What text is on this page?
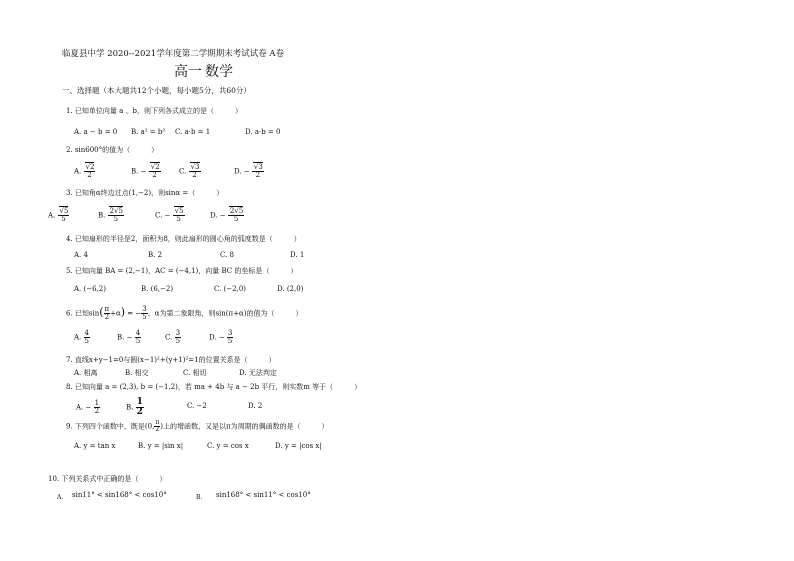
临夏县中学 2020--2021学年度第二学期期末考试试卷 A卷
高一 数学
一、选择题（本大题共12个小题，每小题5分，共60分）
1. 已知单位向量 a 、b，则下列各式成立的是（　　　）
A. a − b = 0 B. a² = b² C. a·b = 1	D. a·b = 0
2. sin600°的值为（　　　）
A. $\frac{√2}{2}$	B. − $\frac{√2}{2}$	C. $\frac{√3}{2}$	D. − $\frac{√3}{2}$
3. 已知角α终边过点(1,−2)，则sinα =（　　　）
A. $\frac{√5}{5}$	B. $\frac{2√5}{5}$	C. − $\frac{√5}{5}$	D. − $\frac{2√5}{5}$
4. 已知扇形的半径是2，面积为8，则此扇形的圆心角的弧度数是（　　　）
A. 4	B. 2	C. 8	D. 1
5. 已知向量 BA = (2,−1)，AC = (−4,1)，向量 BC 的坐标是（　　　）
A. (−6,2)	B. (6,−2)	C. (−2,0)	D. (2,0)
6. 已知$\sin( \frac{\pi}{2} +\alpha)$ = − $\frac{3}{5}$ ，α为第二象限角，则sin(π+α)的值为（　　　）
A. $\frac{4}{5}$	B. − $\frac{4}{5}$	C. $\frac{3}{5}$	D. − $\frac{3}{5}$
7. 直线x+y−1=0与圆(x−1)²+(y+1)²=1的位置关系是（　　　）
A. 相离	B. 相交	C. 相切	D. 无法判定
8. 已知向量 a = (2,3), b = (−1,2)，若 ma + 4b 与 a − 2b 平行，则实数m 等于（　　　）
A. − $\frac{1}{2}$	B. $\frac{1}{2}$	C. −2	D. 2
9. 下列四个函数中，既是(0, $\frac{\pi}{2}$ )上的增函数，又是以π为周期的偶函数的是（　　　）
A. y = tan x	B. y = |sin x|	C. y = cos x	D. y = |cos x|
10. 下列关系式中正确的是（　　　）
A. sin11° < sin168° < cos10°	B. sin168° < sin11° < cos10°
